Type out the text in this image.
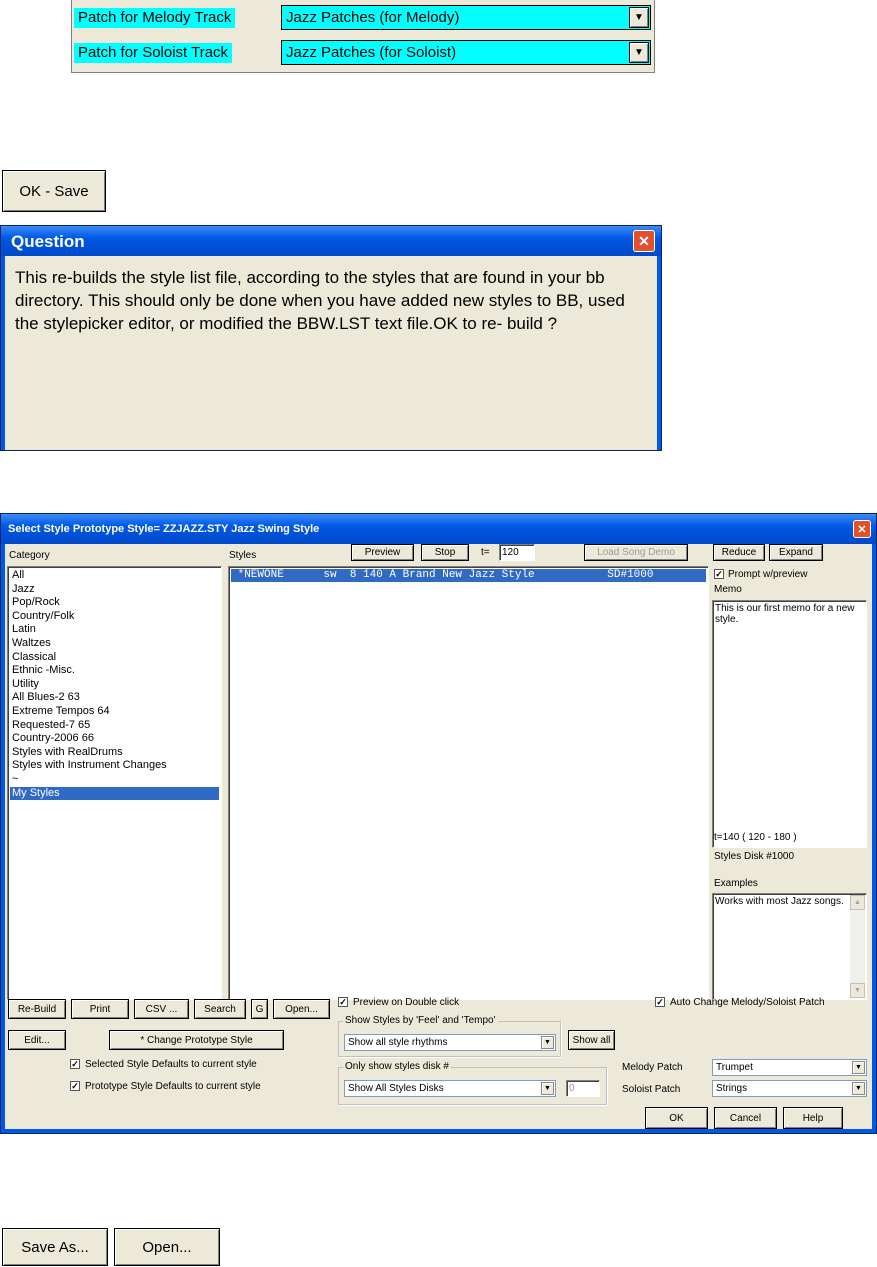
Patch for Melody Track	Jazz Patches (for Melody)	▼
Patch for Soloist Track	Jazz Patches (for Soloist)	▼
OK - Save
Question	✕
This re-builds the style list file, according to the styles that are found in your bb directory. This should only be done when you have added new styles to BB, used the stylepicker editor, or modified the BBW.LST text file.OK to re- build ?
Select Style Prototype Style= ZZJAZZ.STY Jazz Swing Style	✕
Category
All
Jazz
Pop/Rock
Country/Folk
Latin
Waltzes
Classical
Ethnic -Misc.
Utility
All Blues-2 63
Extreme Tempos 64
Requested-7 65
Country-2006 66
Styles with RealDrums
Styles with Instrument Changes
~
My Styles
Styles	Preview	Stop	t=	120	Load Song Demo
*NEWONE      sw  8 140 A Brand New Jazz Style           SD#1000
Reduce	Expand
✓ Prompt w/preview
Memo
This is our first memo for a new style.
t=140 ( 120 - 180 )
Styles Disk #1000
Examples
Works with most Jazz songs.	▲
▼
Re-Build	Print	CSV ...	Search	G	Open...
✓ Preview on Double click	✓ Auto Change Melody/Soloist Patch
Edit...	* Change Prototype Style
Show Styles by 'Feel' and 'Tempo'
Show all style rhythms	▼	Show all
✓ Selected Style Defaults to current style	Only show styles disk #
Show All Styles Disks	▼	0
Melody Patch	Trumpet	▼
✓ Prototype Style Defaults to current style	Soloist Patch	Strings	▼
OK	Cancel	Help
Save As...	Open...
